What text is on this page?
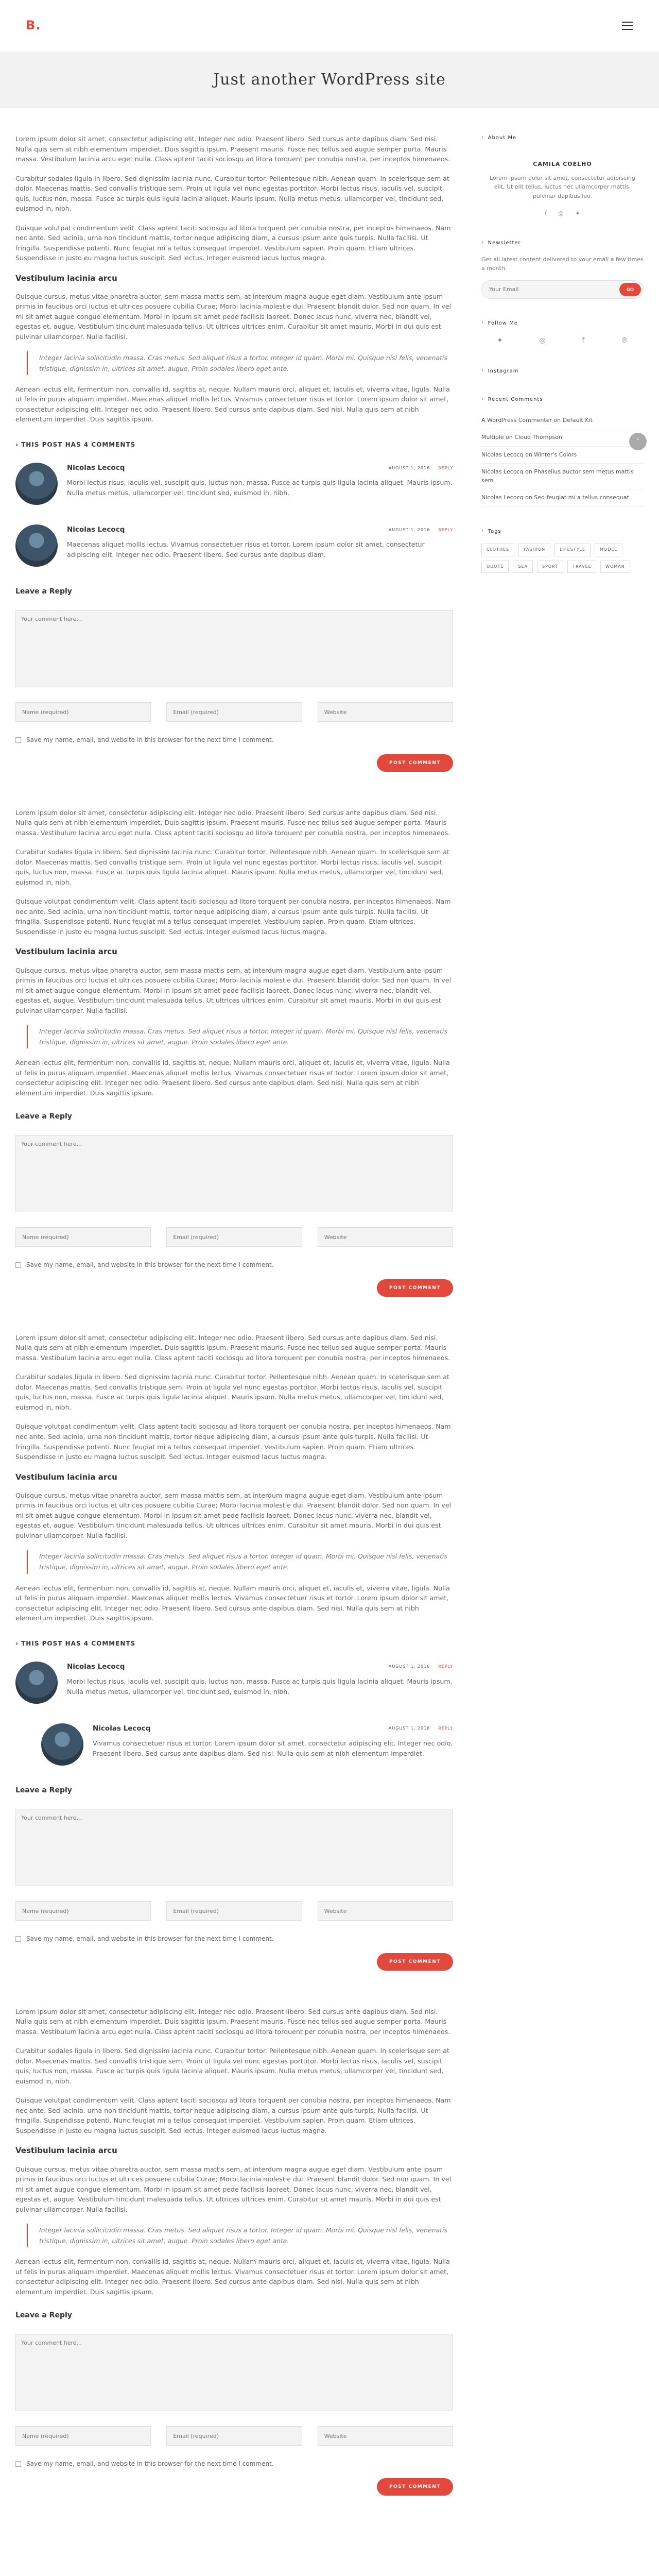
B.
Just another WordPress site

Lorem ipsum dolor sit amet, consectetur adipiscing elit. Integer nec odio. Praesent libero. Sed cursus ante dapibus diam. Sed nisi. Nulla quis sem at nibh elementum imperdiet. Duis sagittis ipsum. Praesent mauris. Fusce nec tellus sed augue semper porta. Mauris massa. Vestibulum lacinia arcu eget nulla. Class aptent taciti sociosqu ad litora torquent per conubia nostra, per inceptos himenaeos.

Curabitur sodales ligula in libero. Sed dignissim lacinia nunc. Curabitur tortor. Pellentesque nibh. Aenean quam. In scelerisque sem at dolor. Maecenas mattis. Sed convallis tristique sem. Proin ut ligula vel nunc egestas porttitor. Morbi lectus risus, iaculis vel, suscipit quis, luctus non, massa. Fusce ac turpis quis ligula lacinia aliquet. Mauris ipsum. Nulla metus metus, ullamcorper vel, tincidunt sed, euismod in, nibh.

Quisque volutpat condimentum velit. Class aptent taciti sociosqu ad litora torquent per conubia nostra, per inceptos himenaeos. Nam nec ante. Sed lacinia, urna non tincidunt mattis, tortor neque adipiscing diam, a cursus ipsum ante quis turpis. Nulla facilisi. Ut fringilla. Suspendisse potenti. Nunc feugiat mi a tellus consequat imperdiet. Vestibulum sapien. Proin quam. Etiam ultrices. Suspendisse in justo eu magna luctus suscipit. Sed lectus. Integer euismod lacus luctus magna.

Vestibulum lacinia arcu

Quisque cursus, metus vitae pharetra auctor, sem massa mattis sem, at interdum magna augue eget diam. Vestibulum ante ipsum primis in faucibus orci luctus et ultrices posuere cubilia Curae; Morbi lacinia molestie dui. Praesent blandit dolor. Sed non quam. In vel mi sit amet augue congue elementum. Morbi in ipsum sit amet pede facilisis laoreet. Donec lacus nunc, viverra nec, blandit vel, egestas et, augue. Vestibulum tincidunt malesuada tellus. Ut ultrices ultrices enim. Curabitur sit amet mauris. Morbi in dui quis est pulvinar ullamcorper. Nulla facilisi.

Integer lacinia sollicitudin massa. Cras metus. Sed aliquet risus a tortor. Integer id quam. Morbi mi. Quisque nisl felis, venenatis tristique, dignissim in, ultrices sit amet, augue. Proin sodales libero eget ante.

Aenean lectus elit, fermentum non, convallis id, sagittis at, neque. Nullam mauris orci, aliquet et, iaculis et, viverra vitae, ligula. Nulla ut felis in purus aliquam imperdiet. Maecenas aliquet mollis lectus. Vivamus consectetuer risus et tortor. Lorem ipsum dolor sit amet, consectetur adipiscing elit. Integer nec odio. Praesent libero. Sed cursus ante dapibus diam. Sed nisi. Nulla quis sem at nibh elementum imperdiet. Duis sagittis ipsum.

› THIS POST HAS 4 COMMENTS
Nicolas Lecocq	AUGUST 1, 2016 REPLY
Morbi lectus risus, iaculis vel, suscipit quis, luctus non, massa. Fusce ac turpis quis ligula lacinia aliquet. Mauris ipsum. Nulla metus metus, ullamcorper vel, tincidunt sed, euismod in, nibh.
Nicolas Lecocq	AUGUST 1, 2016 REPLY
Maecenas aliquet mollis lectus. Vivamus consectetuer risus et tortor. Lorem ipsum dolor sit amet, consectetur adipiscing elit. Integer nec odio. Praesent libero. Sed cursus ante dapibus diam.
Leave a Reply
Your comment here...
Name (required)
Email (required)
Website
Save my name, email, and website in this browser for the next time I comment.
POST COMMENT

Lorem ipsum dolor sit amet, consectetur adipiscing elit. Integer nec odio. Praesent libero. Sed cursus ante dapibus diam. Sed nisi. Nulla quis sem at nibh elementum imperdiet. Duis sagittis ipsum. Praesent mauris. Fusce nec tellus sed augue semper porta. Mauris massa. Vestibulum lacinia arcu eget nulla. Class aptent taciti sociosqu ad litora torquent per conubia nostra, per inceptos himenaeos.

Curabitur sodales ligula in libero. Sed dignissim lacinia nunc. Curabitur tortor. Pellentesque nibh. Aenean quam. In scelerisque sem at dolor. Maecenas mattis. Sed convallis tristique sem. Proin ut ligula vel nunc egestas porttitor. Morbi lectus risus, iaculis vel, suscipit quis, luctus non, massa. Fusce ac turpis quis ligula lacinia aliquet. Mauris ipsum. Nulla metus metus, ullamcorper vel, tincidunt sed, euismod in, nibh.

Quisque volutpat condimentum velit. Class aptent taciti sociosqu ad litora torquent per conubia nostra, per inceptos himenaeos. Nam nec ante. Sed lacinia, urna non tincidunt mattis, tortor neque adipiscing diam, a cursus ipsum ante quis turpis. Nulla facilisi. Ut fringilla. Suspendisse potenti. Nunc feugiat mi a tellus consequat imperdiet. Vestibulum sapien. Proin quam. Etiam ultrices. Suspendisse in justo eu magna luctus suscipit. Sed lectus. Integer euismod lacus luctus magna.

Vestibulum lacinia arcu

Quisque cursus, metus vitae pharetra auctor, sem massa mattis sem, at interdum magna augue eget diam. Vestibulum ante ipsum primis in faucibus orci luctus et ultrices posuere cubilia Curae; Morbi lacinia molestie dui. Praesent blandit dolor. Sed non quam. In vel mi sit amet augue congue elementum. Morbi in ipsum sit amet pede facilisis laoreet. Donec lacus nunc, viverra nec, blandit vel, egestas et, augue. Vestibulum tincidunt malesuada tellus. Ut ultrices ultrices enim. Curabitur sit amet mauris. Morbi in dui quis est pulvinar ullamcorper. Nulla facilisi.

Integer lacinia sollicitudin massa. Cras metus. Sed aliquet risus a tortor. Integer id quam. Morbi mi. Quisque nisl felis, venenatis tristique, dignissim in, ultrices sit amet, augue. Proin sodales libero eget ante.

Aenean lectus elit, fermentum non, convallis id, sagittis at, neque. Nullam mauris orci, aliquet et, iaculis et, viverra vitae, ligula. Nulla ut felis in purus aliquam imperdiet. Maecenas aliquet mollis lectus. Vivamus consectetuer risus et tortor. Lorem ipsum dolor sit amet, consectetur adipiscing elit. Integer nec odio. Praesent libero. Sed cursus ante dapibus diam. Sed nisi. Nulla quis sem at nibh elementum imperdiet. Duis sagittis ipsum.

Leave a Reply
Your comment here...
Name (required)
Email (required)
Website
Save my name, email, and website in this browser for the next time I comment.
POST COMMENT

Lorem ipsum dolor sit amet, consectetur adipiscing elit. Integer nec odio. Praesent libero. Sed cursus ante dapibus diam. Sed nisi. Nulla quis sem at nibh elementum imperdiet. Duis sagittis ipsum. Praesent mauris. Fusce nec tellus sed augue semper porta. Mauris massa. Vestibulum lacinia arcu eget nulla. Class aptent taciti sociosqu ad litora torquent per conubia nostra, per inceptos himenaeos.

Curabitur sodales ligula in libero. Sed dignissim lacinia nunc. Curabitur tortor. Pellentesque nibh. Aenean quam. In scelerisque sem at dolor. Maecenas mattis. Sed convallis tristique sem. Proin ut ligula vel nunc egestas porttitor. Morbi lectus risus, iaculis vel, suscipit quis, luctus non, massa. Fusce ac turpis quis ligula lacinia aliquet. Mauris ipsum. Nulla metus metus, ullamcorper vel, tincidunt sed, euismod in, nibh.

Quisque volutpat condimentum velit. Class aptent taciti sociosqu ad litora torquent per conubia nostra, per inceptos himenaeos. Nam nec ante. Sed lacinia, urna non tincidunt mattis, tortor neque adipiscing diam, a cursus ipsum ante quis turpis. Nulla facilisi. Ut fringilla. Suspendisse potenti. Nunc feugiat mi a tellus consequat imperdiet. Vestibulum sapien. Proin quam. Etiam ultrices. Suspendisse in justo eu magna luctus suscipit. Sed lectus. Integer euismod lacus luctus magna.

Vestibulum lacinia arcu

Quisque cursus, metus vitae pharetra auctor, sem massa mattis sem, at interdum magna augue eget diam. Vestibulum ante ipsum primis in faucibus orci luctus et ultrices posuere cubilia Curae; Morbi lacinia molestie dui. Praesent blandit dolor. Sed non quam. In vel mi sit amet augue congue elementum. Morbi in ipsum sit amet pede facilisis laoreet. Donec lacus nunc, viverra nec, blandit vel, egestas et, augue. Vestibulum tincidunt malesuada tellus. Ut ultrices ultrices enim. Curabitur sit amet mauris. Morbi in dui quis est pulvinar ullamcorper. Nulla facilisi.

Integer lacinia sollicitudin massa. Cras metus. Sed aliquet risus a tortor. Integer id quam. Morbi mi. Quisque nisl felis, venenatis tristique, dignissim in, ultrices sit amet, augue. Proin sodales libero eget ante.

Aenean lectus elit, fermentum non, convallis id, sagittis at, neque. Nullam mauris orci, aliquet et, iaculis et, viverra vitae, ligula. Nulla ut felis in purus aliquam imperdiet. Maecenas aliquet mollis lectus. Vivamus consectetuer risus et tortor. Lorem ipsum dolor sit amet, consectetur adipiscing elit. Integer nec odio. Praesent libero. Sed cursus ante dapibus diam. Sed nisi. Nulla quis sem at nibh elementum imperdiet. Duis sagittis ipsum.

› THIS POST HAS 4 COMMENTS
Nicolas Lecocq	AUGUST 1, 2016 REPLY
Morbi lectus risus, iaculis vel, suscipit quis, luctus non, massa. Fusce ac turpis quis ligula lacinia aliquet. Mauris ipsum. Nulla metus metus, ullamcorper vel, tincidunt sed, euismod in, nibh.
Nicolas Lecocq	AUGUST 1, 2016 REPLY
Vivamus consectetuer risus et tortor. Lorem ipsum dolor sit amet, consectetur adipiscing elit. Integer nec odio. Praesent libero. Sed cursus ante dapibus diam. Sed nisi. Nulla quis sem at nibh elementum imperdiet.
Leave a Reply
Your comment here...
Name (required)
Email (required)
Website
Save my name, email, and website in this browser for the next time I comment.
POST COMMENT

Lorem ipsum dolor sit amet, consectetur adipiscing elit. Integer nec odio. Praesent libero. Sed cursus ante dapibus diam. Sed nisi. Nulla quis sem at nibh elementum imperdiet. Duis sagittis ipsum. Praesent mauris. Fusce nec tellus sed augue semper porta. Mauris massa. Vestibulum lacinia arcu eget nulla. Class aptent taciti sociosqu ad litora torquent per conubia nostra, per inceptos himenaeos.

Curabitur sodales ligula in libero. Sed dignissim lacinia nunc. Curabitur tortor. Pellentesque nibh. Aenean quam. In scelerisque sem at dolor. Maecenas mattis. Sed convallis tristique sem. Proin ut ligula vel nunc egestas porttitor. Morbi lectus risus, iaculis vel, suscipit quis, luctus non, massa. Fusce ac turpis quis ligula lacinia aliquet. Mauris ipsum. Nulla metus metus, ullamcorper vel, tincidunt sed, euismod in, nibh.

Quisque volutpat condimentum velit. Class aptent taciti sociosqu ad litora torquent per conubia nostra, per inceptos himenaeos. Nam nec ante. Sed lacinia, urna non tincidunt mattis, tortor neque adipiscing diam, a cursus ipsum ante quis turpis. Nulla facilisi. Ut fringilla. Suspendisse potenti. Nunc feugiat mi a tellus consequat imperdiet. Vestibulum sapien. Proin quam. Etiam ultrices. Suspendisse in justo eu magna luctus suscipit. Sed lectus. Integer euismod lacus luctus magna.

Vestibulum lacinia arcu

Quisque cursus, metus vitae pharetra auctor, sem massa mattis sem, at interdum magna augue eget diam. Vestibulum ante ipsum primis in faucibus orci luctus et ultrices posuere cubilia Curae; Morbi lacinia molestie dui. Praesent blandit dolor. Sed non quam. In vel mi sit amet augue congue elementum. Morbi in ipsum sit amet pede facilisis laoreet. Donec lacus nunc, viverra nec, blandit vel, egestas et, augue. Vestibulum tincidunt malesuada tellus. Ut ultrices ultrices enim. Curabitur sit amet mauris. Morbi in dui quis est pulvinar ullamcorper. Nulla facilisi.

Integer lacinia sollicitudin massa. Cras metus. Sed aliquet risus a tortor. Integer id quam. Morbi mi. Quisque nisl felis, venenatis tristique, dignissim in, ultrices sit amet, augue. Proin sodales libero eget ante.

Aenean lectus elit, fermentum non, convallis id, sagittis at, neque. Nullam mauris orci, aliquet et, iaculis et, viverra vitae, ligula. Nulla ut felis in purus aliquam imperdiet. Maecenas aliquet mollis lectus. Vivamus consectetuer risus et tortor. Lorem ipsum dolor sit amet, consectetur adipiscing elit. Integer nec odio. Praesent libero. Sed cursus ante dapibus diam. Sed nisi. Nulla quis sem at nibh elementum imperdiet. Duis sagittis ipsum.

Leave a Reply
Your comment here...
Name (required)
Email (required)
Website
Save my name, email, and website in this browser for the next time I comment.
POST COMMENT
› About Me
CAMILA COELHO
Lorem ipsum dolor sit amet, consectetur adipiscing elit. Ut elit tellus, luctus nec ullamcorper mattis, pulvinar dapibus leo.
f ◎ ✦
› Newsletter
Get all latest content delivered to your email a few times a month.
Your Email
GO
› Follow Me
✦	◎	f	℗
› Instagram
› Recent Comments
A WordPress Commenter on Default Kit
Multiple on Cloud Thompson
Nicolas Lecocq on Winter's Colors
Nicolas Lecocq on Phasellus auctor sem metus mattis sem
Nicolas Lecocq on Sed feugiat mi a tellus consequat
› Tags
CLOTHES	FASHION	LIFESTYLE	MODEL
QUOTE	SEA	SPORT	TRAVEL	WOMAN
˄
